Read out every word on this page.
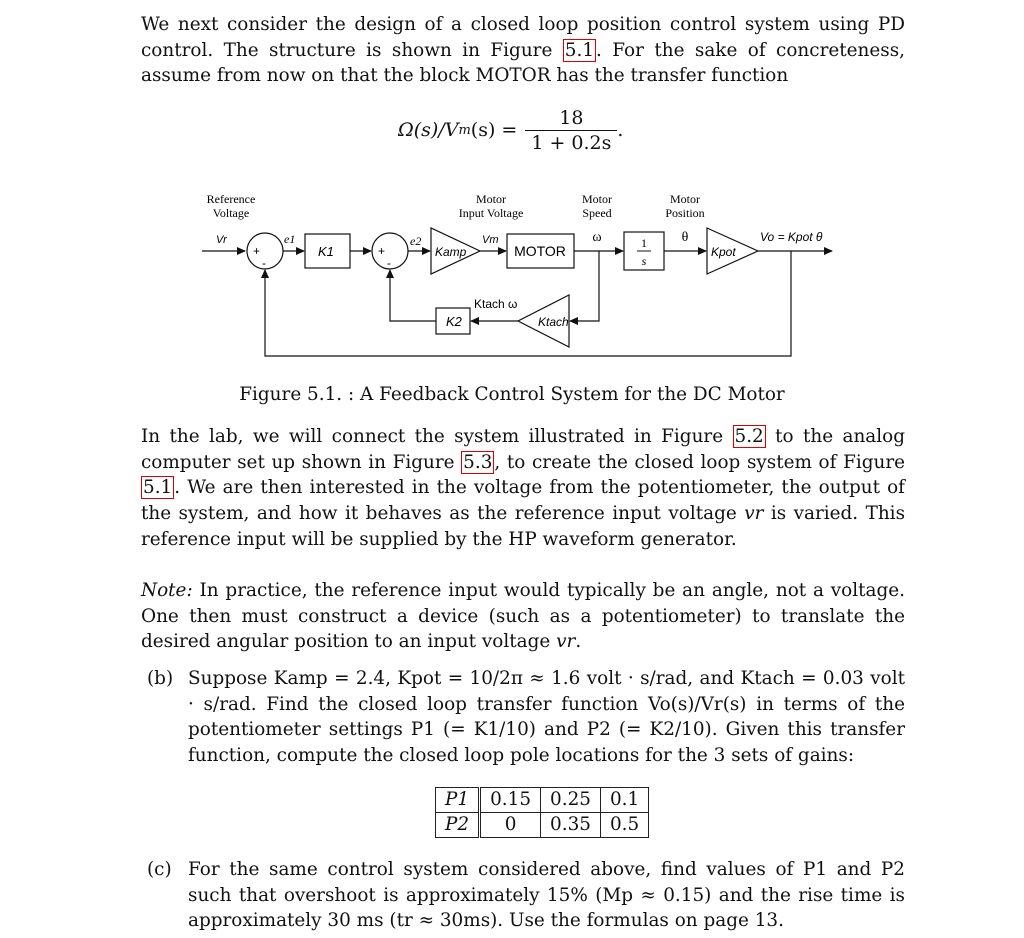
We next consider the design of a closed loop position control system using PD control. The structure is shown in Figure 5.1 . For the sake of concreteness, assume from now on that the block MOTOR has the transfer function

Ω(s)/V m $(s) = \frac{18}{1 + 0.2s}$ .
Reference
Voltage
Motor
Input Voltage
Motor
Speed
Motor
Position
Vr
+
-
e1
K1	+
-
e2
Kamp
Vm
MOTOR
ω	1
s
θ
Kpot
Vo = Kpot θ
Ktach
Ktach ω
K2
Figure 5.1. : A Feedback Control System for the DC Motor

In the lab, we will connect the system illustrated in Figure 5.2 to the analog computer set up shown in Figure 5.3 , to create the closed loop system of Figure 5.1 . We are then interested in the voltage from the potentiometer, the output of the system, and how it behaves as the reference input voltage vr is varied. This reference input will be supplied by the HP waveform generator.

Note: In practice, the reference input would typically be an angle, not a voltage. One then must construct a device (such as a potentiometer) to translate the desired angular position to an input voltage vr.

(b) Suppose Kamp = 2.4, Kpot = 10/2π ≈ 1.6 volt · s/rad, and Ktach = 0.03 volt · s/rad. Find the closed loop transfer function Vo(s)/Vr(s) in terms of the potentiometer settings P1 (= K1/10) and P2 (= K2/10). Given this transfer function, compute the closed loop pole locations for the 3 sets of gains:
P1	0.15	0.25	0.1
P2	0	0.35	0.5
(c) For the same control system considered above, find values of P1 and P2 such that overshoot is approximately 15% (Mp ≈ 0.15) and the rise time is approximately 30 ms (tr ≈ 30ms). Use the formulas on page 13.
